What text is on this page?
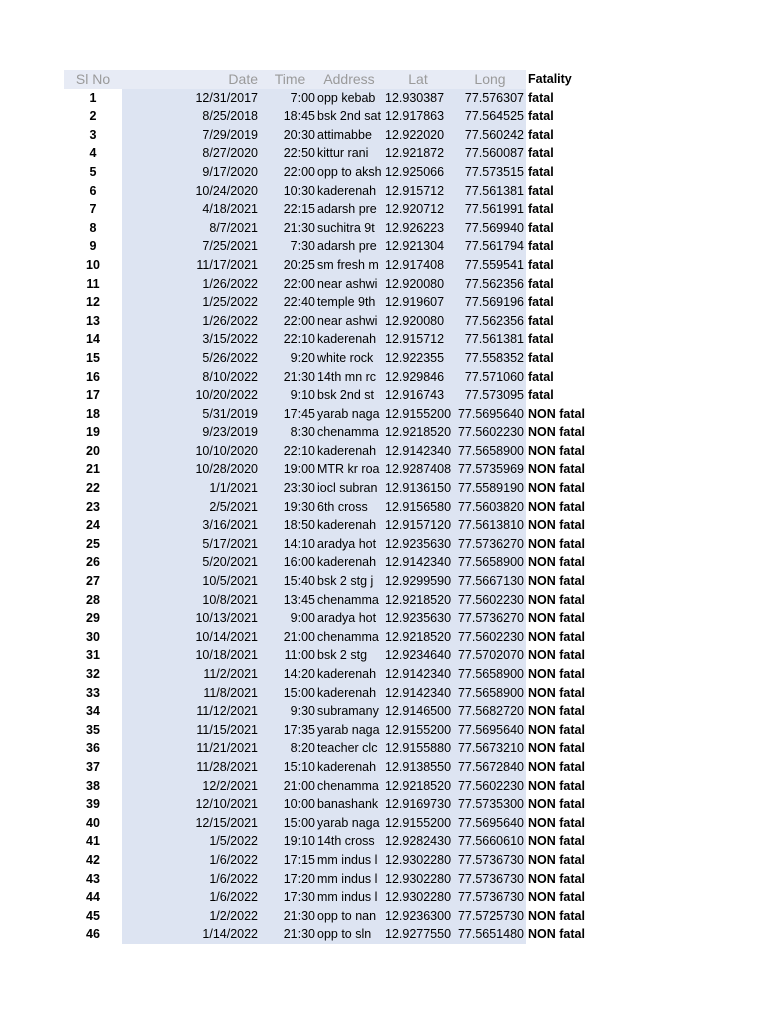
Sl No	Date	Time	Address	Lat	Long	Fatality
1	12/31/2017	7:00	opp kebab	12.930387	77.576307	fatal
2	8/25/2018	18:45	bsk 2nd sat	12.917863	77.564525	fatal
3	7/29/2019	20:30	attimabbe	12.922020	77.560242	fatal
4	8/27/2020	22:50	kittur rani	12.921872	77.560087	fatal
5	9/17/2020	22:00	opp to aksh	12.925066	77.573515	fatal
6	10/24/2020	10:30	kaderenah	12.915712	77.561381	fatal
7	4/18/2021	22:15	adarsh pre	12.920712	77.561991	fatal
8	8/7/2021	21:30	suchitra 9t	12.926223	77.569940	fatal
9	7/25/2021	7:30	adarsh pre	12.921304	77.561794	fatal
10	11/17/2021	20:25	sm fresh m	12.917408	77.559541	fatal
11	1/26/2022	22:00	near ashwi	12.920080	77.562356	fatal
12	1/25/2022	22:40	temple 9th	12.919607	77.569196	fatal
13	1/26/2022	22:00	near ashwi	12.920080	77.562356	fatal
14	3/15/2022	22:10	kaderenah	12.915712	77.561381	fatal
15	5/26/2022	9:20	white rock	12.922355	77.558352	fatal
16	8/10/2022	21:30	14th mn rc	12.929846	77.571060	fatal
17	10/20/2022	9:10	bsk 2nd st	12.916743	77.573095	fatal
18	5/31/2019	17:45	yarab naga	12.9155200	77.5695640	NON fatal
19	9/23/2019	8:30	chenamma	12.9218520	77.5602230	NON fatal
20	10/10/2020	22:10	kaderenah	12.9142340	77.5658900	NON fatal
21	10/28/2020	19:00	MTR kr roa	12.9287408	77.5735969	NON fatal
22	1/1/2021	23:30	iocl subran	12.9136150	77.5589190	NON fatal
23	2/5/2021	19:30	6th cross	12.9156580	77.5603820	NON fatal
24	3/16/2021	18:50	kaderenah	12.9157120	77.5613810	NON fatal
25	5/17/2021	14:10	aradya hot	12.9235630	77.5736270	NON fatal
26	5/20/2021	16:00	kaderenah	12.9142340	77.5658900	NON fatal
27	10/5/2021	15:40	bsk 2 stg j	12.9299590	77.5667130	NON fatal
28	10/8/2021	13:45	chenamma	12.9218520	77.5602230	NON fatal
29	10/13/2021	9:00	aradya hot	12.9235630	77.5736270	NON fatal
30	10/14/2021	21:00	chenamma	12.9218520	77.5602230	NON fatal
31	10/18/2021	11:00	bsk 2 stg	12.9234640	77.5702070	NON fatal
32	11/2/2021	14:20	kaderenah	12.9142340	77.5658900	NON fatal
33	11/8/2021	15:00	kaderenah	12.9142340	77.5658900	NON fatal
34	11/12/2021	9:30	subramany	12.9146500	77.5682720	NON fatal
35	11/15/2021	17:35	yarab naga	12.9155200	77.5695640	NON fatal
36	11/21/2021	8:20	teacher clc	12.9155880	77.5673210	NON fatal
37	11/28/2021	15:10	kaderenah	12.9138550	77.5672840	NON fatal
38	12/2/2021	21:00	chenamma	12.9218520	77.5602230	NON fatal
39	12/10/2021	10:00	banashank	12.9169730	77.5735300	NON fatal
40	12/15/2021	15:00	yarab naga	12.9155200	77.5695640	NON fatal
41	1/5/2022	19:10	14th cross	12.9282430	77.5660610	NON fatal
42	1/6/2022	17:15	mm indus l	12.9302280	77.5736730	NON fatal
43	1/6/2022	17:20	mm indus l	12.9302280	77.5736730	NON fatal
44	1/6/2022	17:30	mm indus l	12.9302280	77.5736730	NON fatal
45	1/2/2022	21:30	opp to nan	12.9236300	77.5725730	NON fatal
46	1/14/2022	21:30	opp to sln	12.9277550	77.5651480	NON fatal
